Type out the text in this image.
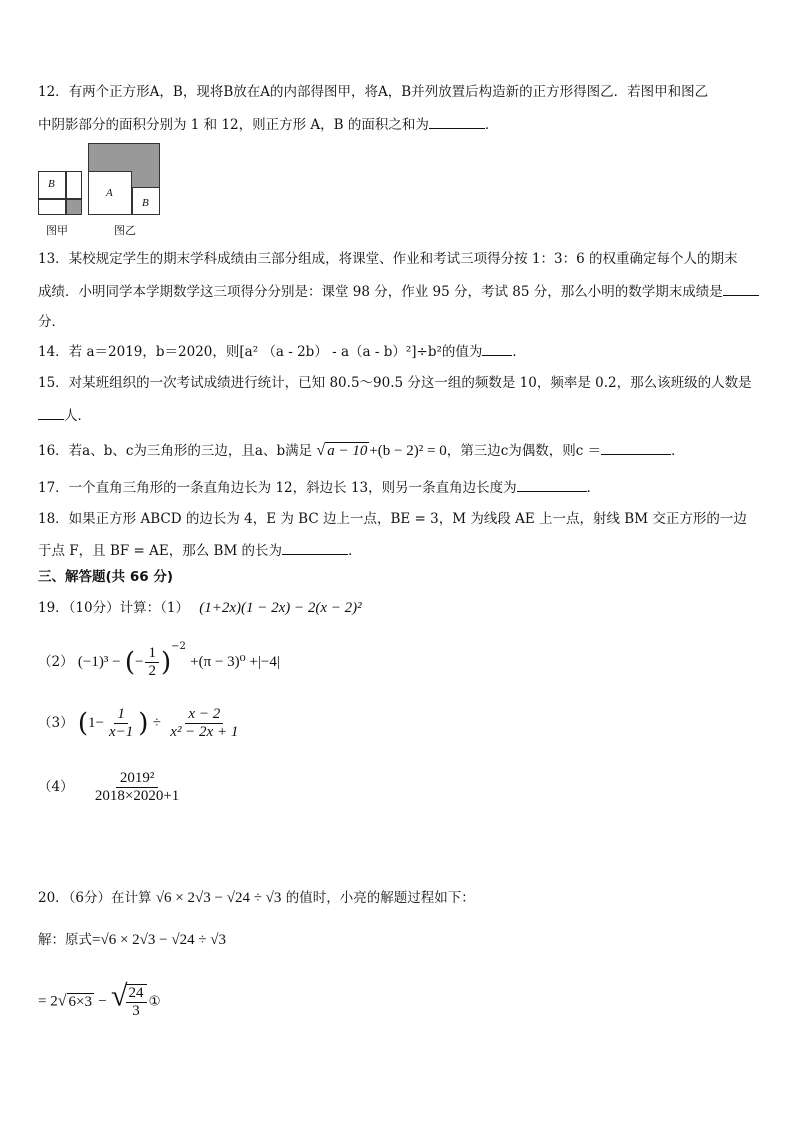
12．有两个正方形A，B，现将B放在A的内部得图甲，将A，B并列放置后构造新的正方形得图乙．若图甲和图乙
中阴影部分的面积分别为 1 和 12，则正方形 A，B 的面积之和为	．
B
图甲
A
B
图乙
13．某校规定学生的期末学科成绩由三部分组成，将课堂、作业和考试三项得分按 1：3：6 的权重确定每个人的期末
成绩．小明同学本学期数学这三项得分分别是：课堂 98 分，作业 95 分，考试 85 分，那么小明的数学期末成绩是
分．
14．若 a＝2019，b＝2020，则[a² （a - 2b） - a（a - b）²]÷b²的值为 ．
15．对某班组织的一次考试成绩进行统计，已知 80.5～90.5 分这一组的频数是 10，频率是 0.2，那么该班级的人数是
人．
16．若a、b、c为三角形的三边，且a、b满足 √ a − 10 +(b − 2)² = 0，第三边c为偶数，则c ＝	．
17．一个直角三角形的一条直角边长为 12，斜边长 13，则另一条直角边长度为	．
18．如果正方形 ABCD 的边长为 4，E 为 BC 边上一点，BE = 3，M 为线段 AE 上一点，射线 BM 交正方形的一边
于点 F，且 BF = AE，那么 BM 的长为	．
三、解答题(共 66 分)
19．（10分）计算：（1） (1+2x)(1 − 2x) − 2(x − 2)²
（2） (−1)³ − (− $\frac{1}{2} )^{-2} +(\pi - 3)^0 +|-4|$
（3） ($1- \frac{1}{x-1}$ ) ÷ $\frac{x - 2}{\text{x² − 2x + 1}}$
$(4) \frac{\text{2019²}}{2018\times 2020+1}$
20．（6分）在计算 √6 × 2√3 − √24 ÷ √3 的值时，小亮的解题过程如下：
解：原式=√6 × 2√3 − √24 ÷ √3
= 2√ 6×3 − √
$\frac{24}{3}$ ①
